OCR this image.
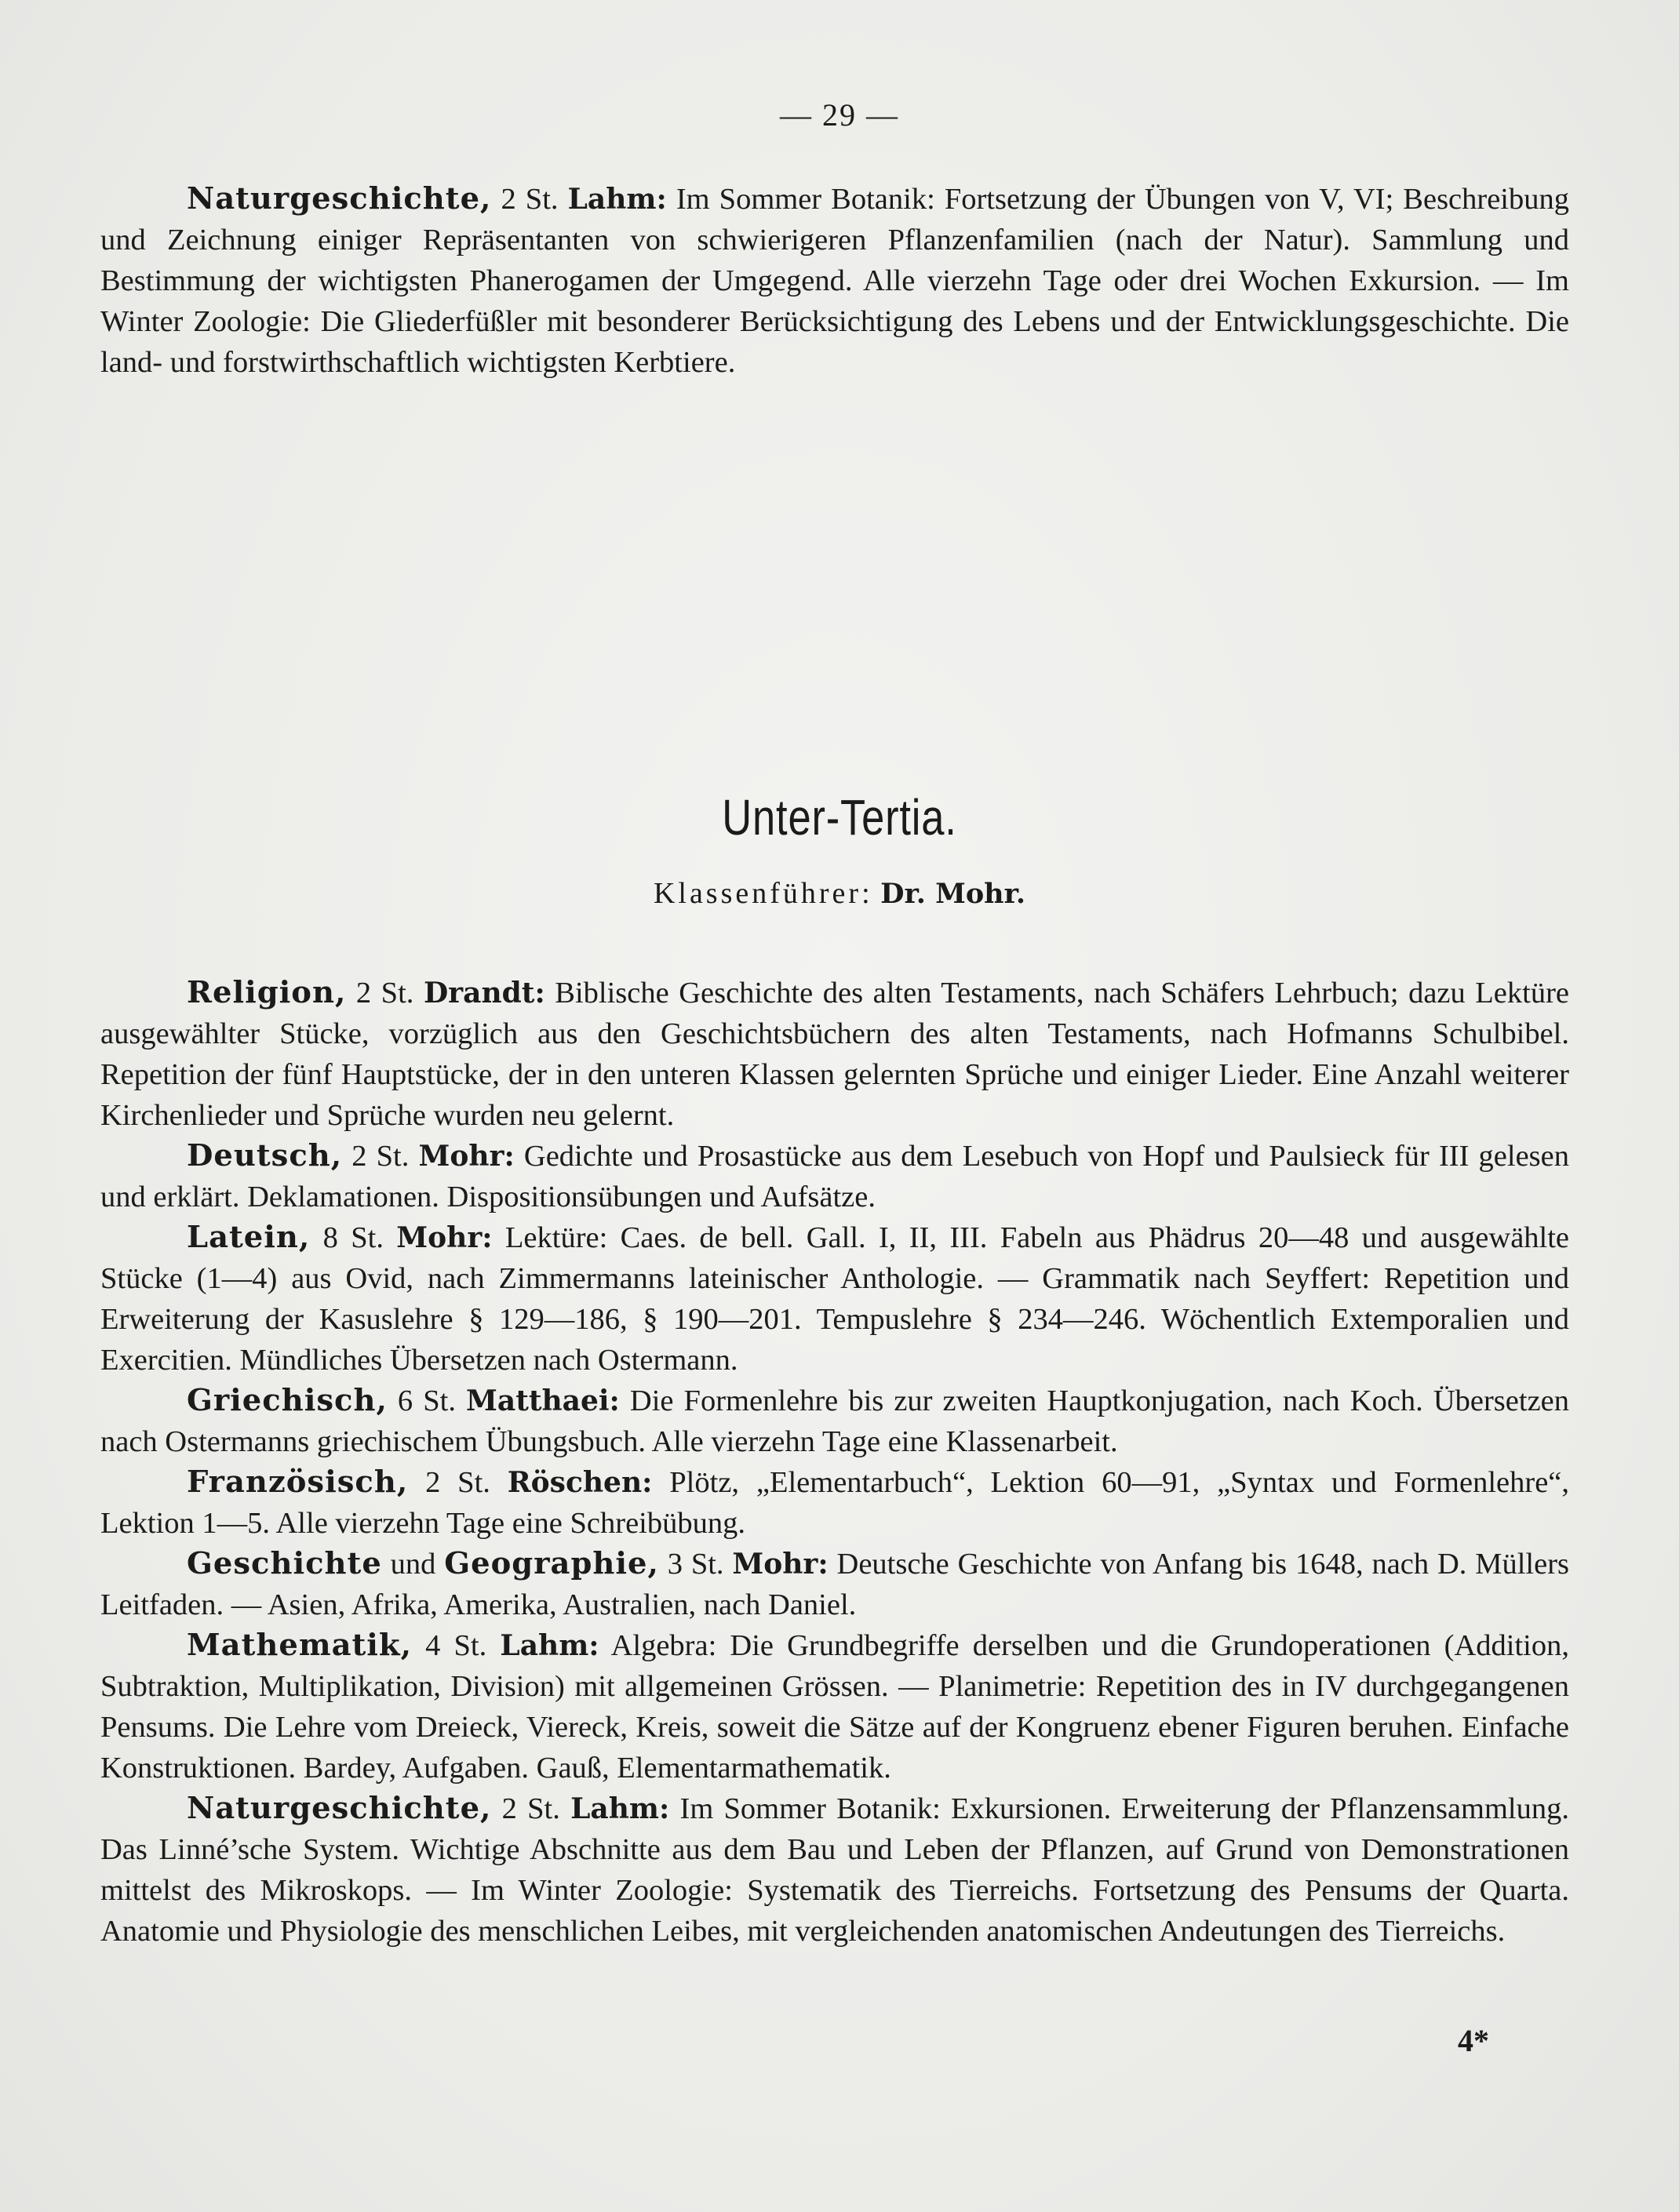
— 29 —

Naturgeschichte, 2 St. Lahm: Im Sommer Botanik: Fortsetzung der Übungen von V, VI; Beschreibung und Zeichnung einiger Repräsentanten von schwierigeren Pflanzenfamilien (nach der Natur). Sammlung und Bestimmung der wichtigsten Phanerogamen der Umgegend. Alle vierzehn Tage oder drei Wochen Exkursion. — Im Winter Zoologie: Die Gliederfüßler mit besonderer Berücksichtigung des Lebens und der Entwicklungsgeschichte. Die land- und forstwirthschaftlich wichtigsten Kerbtiere.

Unter-Tertia.
Klassenführer: Dr. Mohr.

Religion, 2 St. Drandt: Biblische Geschichte des alten Testaments, nach Schäfers Lehrbuch; dazu Lektüre ausgewählter Stücke, vorzüglich aus den Geschichtsbüchern des alten Testaments, nach Hofmanns Schulbibel. Repetition der fünf Hauptstücke, der in den unteren Klassen gelernten Sprüche und einiger Lieder. Eine Anzahl weiterer Kirchenlieder und Sprüche wurden neu gelernt.

Deutsch, 2 St. Mohr: Gedichte und Prosastücke aus dem Lesebuch von Hopf und Paulsieck für III gelesen und erklärt. Deklamationen. Dispositionsübungen und Aufsätze.

Latein, 8 St. Mohr: Lektüre: Caes. de bell. Gall. I, II, III. Fabeln aus Phädrus 20—48 und ausgewählte Stücke (1—4) aus Ovid, nach Zimmermanns lateinischer Anthologie. — Grammatik nach Seyffert: Repetition und Erweiterung der Kasuslehre § 129—186, § 190—201. Tempuslehre § 234—246. Wöchentlich Extemporalien und Exercitien. Mündliches Übersetzen nach Ostermann.

Griechisch, 6 St. Matthaei: Die Formenlehre bis zur zweiten Hauptkonjugation, nach Koch. Übersetzen nach Ostermanns griechischem Übungsbuch. Alle vierzehn Tage eine Klassenarbeit.

Französisch, 2 St. Röschen: Plötz, „Elementarbuch“, Lektion 60—91, „Syntax und Formenlehre“, Lektion 1—5. Alle vierzehn Tage eine Schreibübung.

Geschichte und Geographie, 3 St. Mohr: Deutsche Geschichte von Anfang bis 1648, nach D. Müllers Leitfaden. — Asien, Afrika, Amerika, Australien, nach Daniel.

Mathematik, 4 St. Lahm: Algebra: Die Grundbegriffe derselben und die Grundoperationen (Addition, Subtraktion, Multiplikation, Division) mit allgemeinen Grössen. — Planimetrie: Repetition des in IV durchgegangenen Pensums. Die Lehre vom Dreieck, Viereck, Kreis, soweit die Sätze auf der Kongruenz ebener Figuren beruhen. Einfache Konstruktionen. Bardey, Aufgaben. Gauß, Elementarmathematik.

Naturgeschichte, 2 St. Lahm: Im Sommer Botanik: Exkursionen. Erweiterung der Pflanzensammlung. Das Linné’sche System. Wichtige Abschnitte aus dem Bau und Leben der Pflanzen, auf Grund von Demonstrationen mittelst des Mikroskops. — Im Winter Zoologie: Systematik des Tierreichs. Fortsetzung des Pensums der Quarta. Anatomie und Physiologie des menschlichen Leibes, mit vergleichenden anatomischen Andeutungen des Tierreichs.

4*
